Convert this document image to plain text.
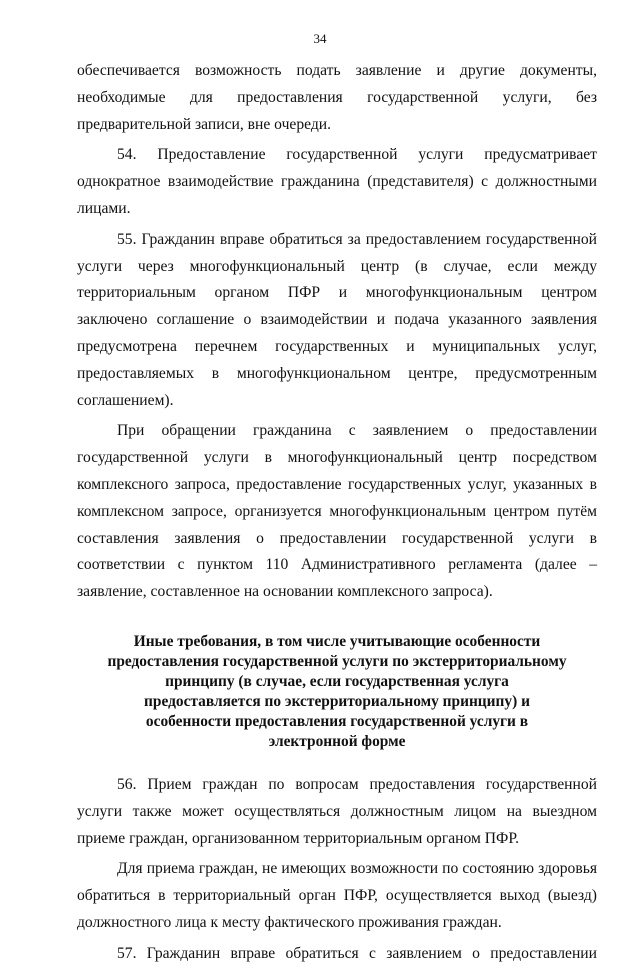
34

обеспечивается возможность подать заявление и другие документы, необходимые для предоставления государственной услуги, без предварительной записи, вне очереди.

54. Предоставление государственной услуги предусматривает однократное взаимодействие гражданина (представителя) с должностными лицами.

55. Гражданин вправе обратиться за предоставлением государственной услуги через многофункциональный центр (в случае, если между территориальным органом ПФР и многофункциональным центром заключено соглашение о взаимодействии и подача указанного заявления предусмотрена перечнем государственных и муниципальных услуг, предоставляемых в многофункциональном центре, предусмотренным соглашением).

При обращении гражданина с заявлением о предоставлении государственной услуги в многофункциональный центр посредством комплексного запроса, предоставление государственных услуг, указанных в комплексном запросе, организуется многофункциональным центром путём составления заявления о предоставлении государственной услуги в соответствии с пунктом 110 Административного регламента (далее – заявление, составленное на основании комплексного запроса).

Иные требования, в том числе учитывающие особенности предоставления государственной услуги по экстерриториальному принципу (в случае, если государственная услуга предоставляется по экстерриториальному принципу) и особенности предоставления государственной услуги в электронной форме

56. Прием граждан по вопросам предоставления государственной услуги также может осуществляться должностным лицом на выездном приеме граждан, организованном территориальным органом ПФР.

Для приема граждан, не имеющих возможности по состоянию здоровья обратиться в территориальный орган ПФР, осуществляется выход (выезд) должностного лица к месту фактического проживания граждан.

57. Гражданин вправе обратиться с заявлением о предоставлении
